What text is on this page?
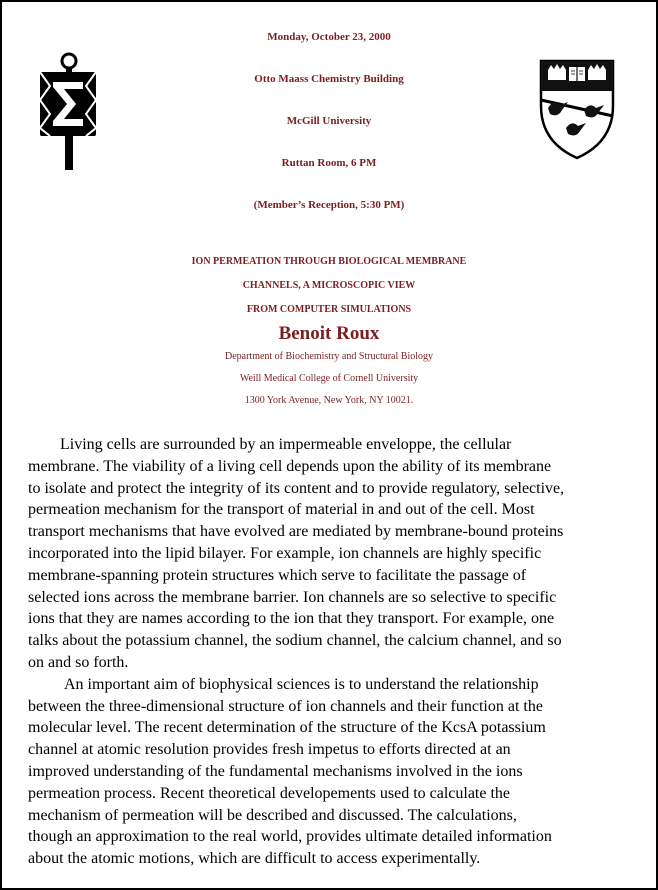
Monday, October 23, 2000
Otto Maass Chemistry Building
McGill University
Ruttan Room, 6 PM
(Member’s Reception, 5:30 PM)
ION PERMEATION THROUGH BIOLOGICAL MEMBRANE
CHANNELS, A MICROSCOPIC VIEW
FROM COMPUTER SIMULATIONS
Benoit Roux
Department of Biochemistry and Structural Biology
Weill Medical College of Cornell University
1300 York Avenue, New York, NY 10021.
Living cells are surrounded by an impermeable enveloppe, the cellular
membrane. The viability of a living cell depends upon the ability of its membrane
to isolate and protect the integrity of its content and to provide regulatory, selective,
permeation mechanism for the transport of material in and out of the cell. Most
transport mechanisms that have evolved are mediated by membrane-bound proteins
incorporated into the lipid bilayer. For example, ion channels are highly specific
membrane-spanning protein structures which serve to facilitate the passage of
selected ions across the membrane barrier. Ion channels are so selective to specific
ions that they are names according to the ion that they transport. For example, one
talks about the potassium channel, the sodium channel, the calcium channel, and so
on and so forth.
An important aim of biophysical sciences is to understand the relationship
between the three-dimensional structure of ion channels and their function at the
molecular level. The recent determination of the structure of the KcsA potassium
channel at atomic resolution provides fresh impetus to efforts directed at an
improved understanding of the fundamental mechanisms involved in the ions
permeation process. Recent theoretical developements used to calculate the
mechanism of permeation will be described and discussed. The calculations,
though an approximation to the real world, provides ultimate detailed information
about the atomic motions, which are difficult to access experimentally.
